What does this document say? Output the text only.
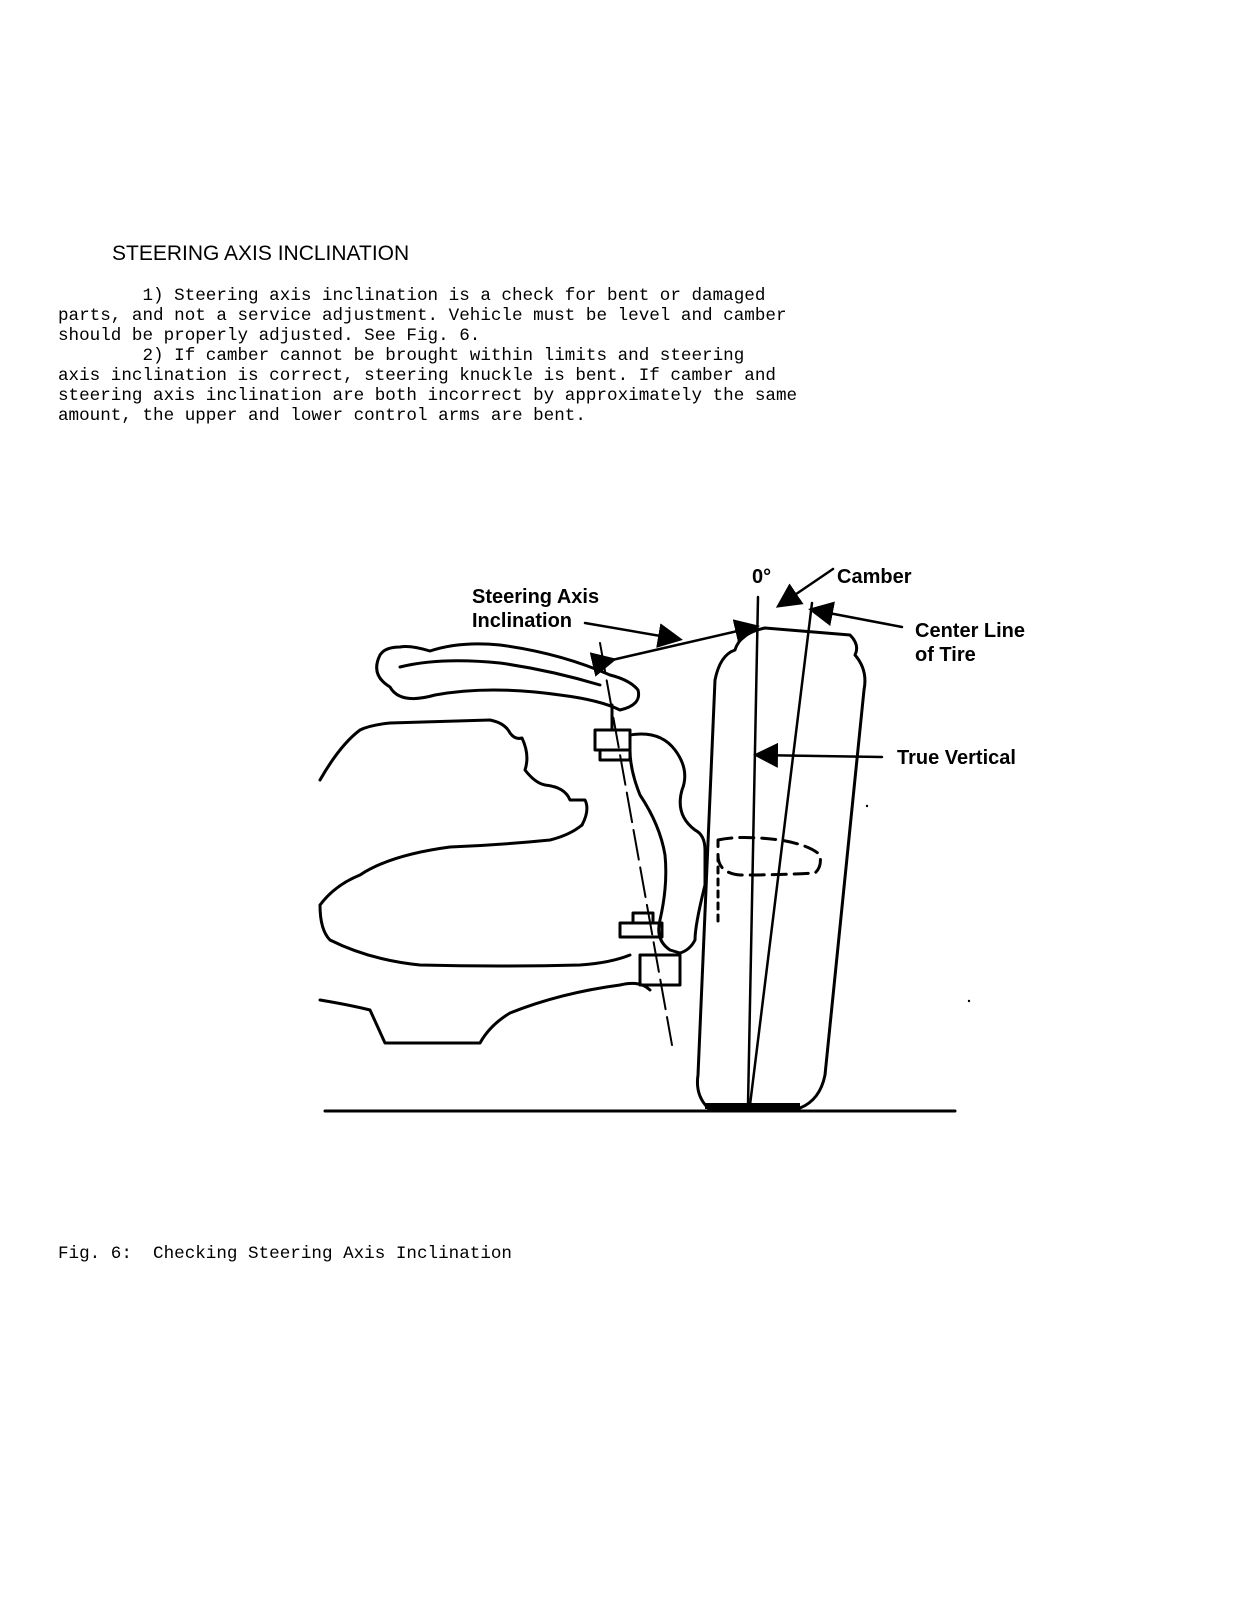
STEERING AXIS INCLINATION
1) Steering axis inclination is a check for bent or damaged
parts, and not a service adjustment. Vehicle must be level and camber
should be properly adjusted. See Fig. 6.
2) If camber cannot be brought within limits and steering
axis inclination is correct, steering knuckle is bent. If camber and
steering axis inclination are both incorrect by approximately the same
amount, the upper and lower control arms are bent.
Steering Axis
Inclination
0°	Camber
Center Line
of Tire
True Vertical
Fig. 6:  Checking Steering Axis Inclination
